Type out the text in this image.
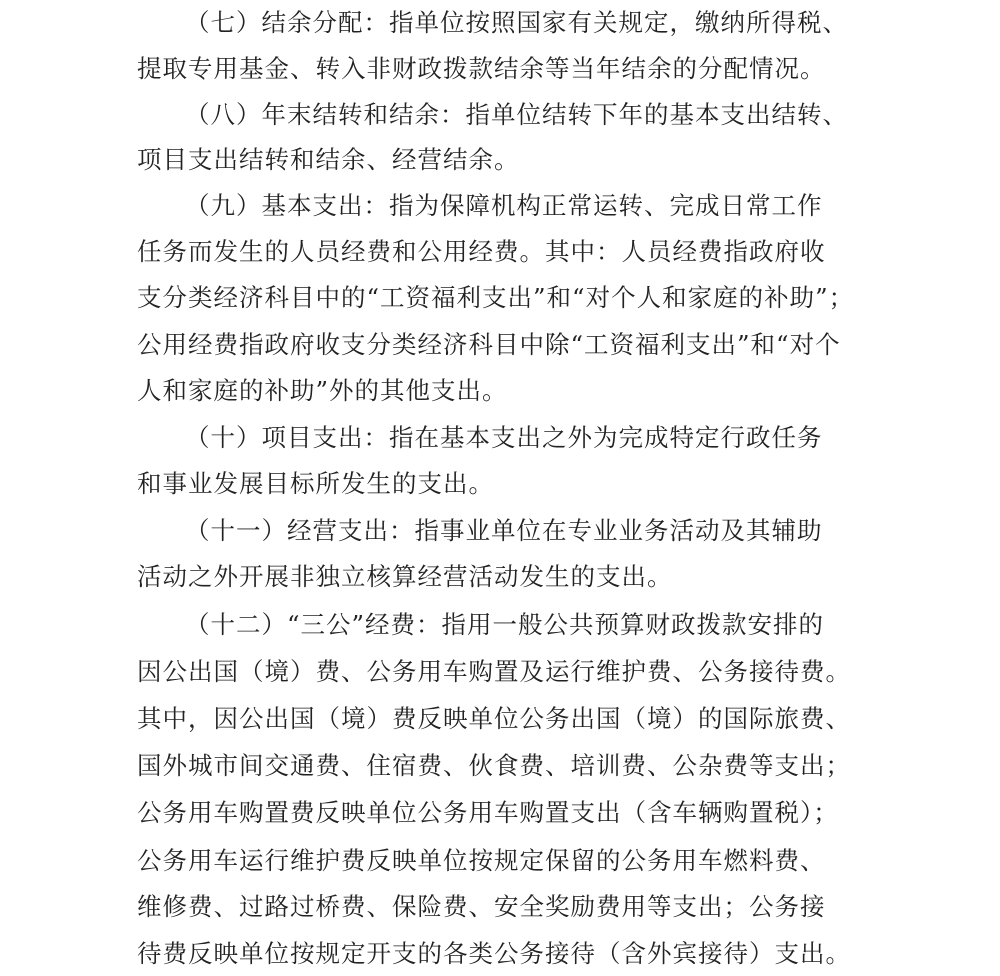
（七）结余分配：指单位按照国家有关规定，缴纳所得税、
提取专用基金、转入非财政拨款结余等当年结余的分配情况。
（八）年末结转和结余：指单位结转下年的基本支出结转、
项目支出结转和结余、经营结余。
（九）基本支出：指为保障机构正常运转、完成日常工作
任务而发生的人员经费和公用经费。其中：人员经费指政府收
支分类经济科目中的“工资福利支出”和“对个人和家庭的补助”；
公用经费指政府收支分类经济科目中除“工资福利支出”和“对个
人和家庭的补助”外的其他支出。
（十）项目支出：指在基本支出之外为完成特定行政任务
和事业发展目标所发生的支出。
（十一）经营支出：指事业单位在专业业务活动及其辅助
活动之外开展非独立核算经营活动发生的支出。
（十二）“三公”经费：指用一般公共预算财政拨款安排的
因公出国（境）费、公务用车购置及运行维护费、公务接待费。
其中，因公出国（境）费反映单位公务出国（境）的国际旅费、
国外城市间交通费、住宿费、伙食费、培训费、公杂费等支出；
公务用车购置费反映单位公务用车购置支出（含车辆购置税）；
公务用车运行维护费反映单位按规定保留的公务用车燃料费、
维修费、过路过桥费、保险费、安全奖励费用等支出；公务接
待费反映单位按规定开支的各类公务接待（含外宾接待）支出。
